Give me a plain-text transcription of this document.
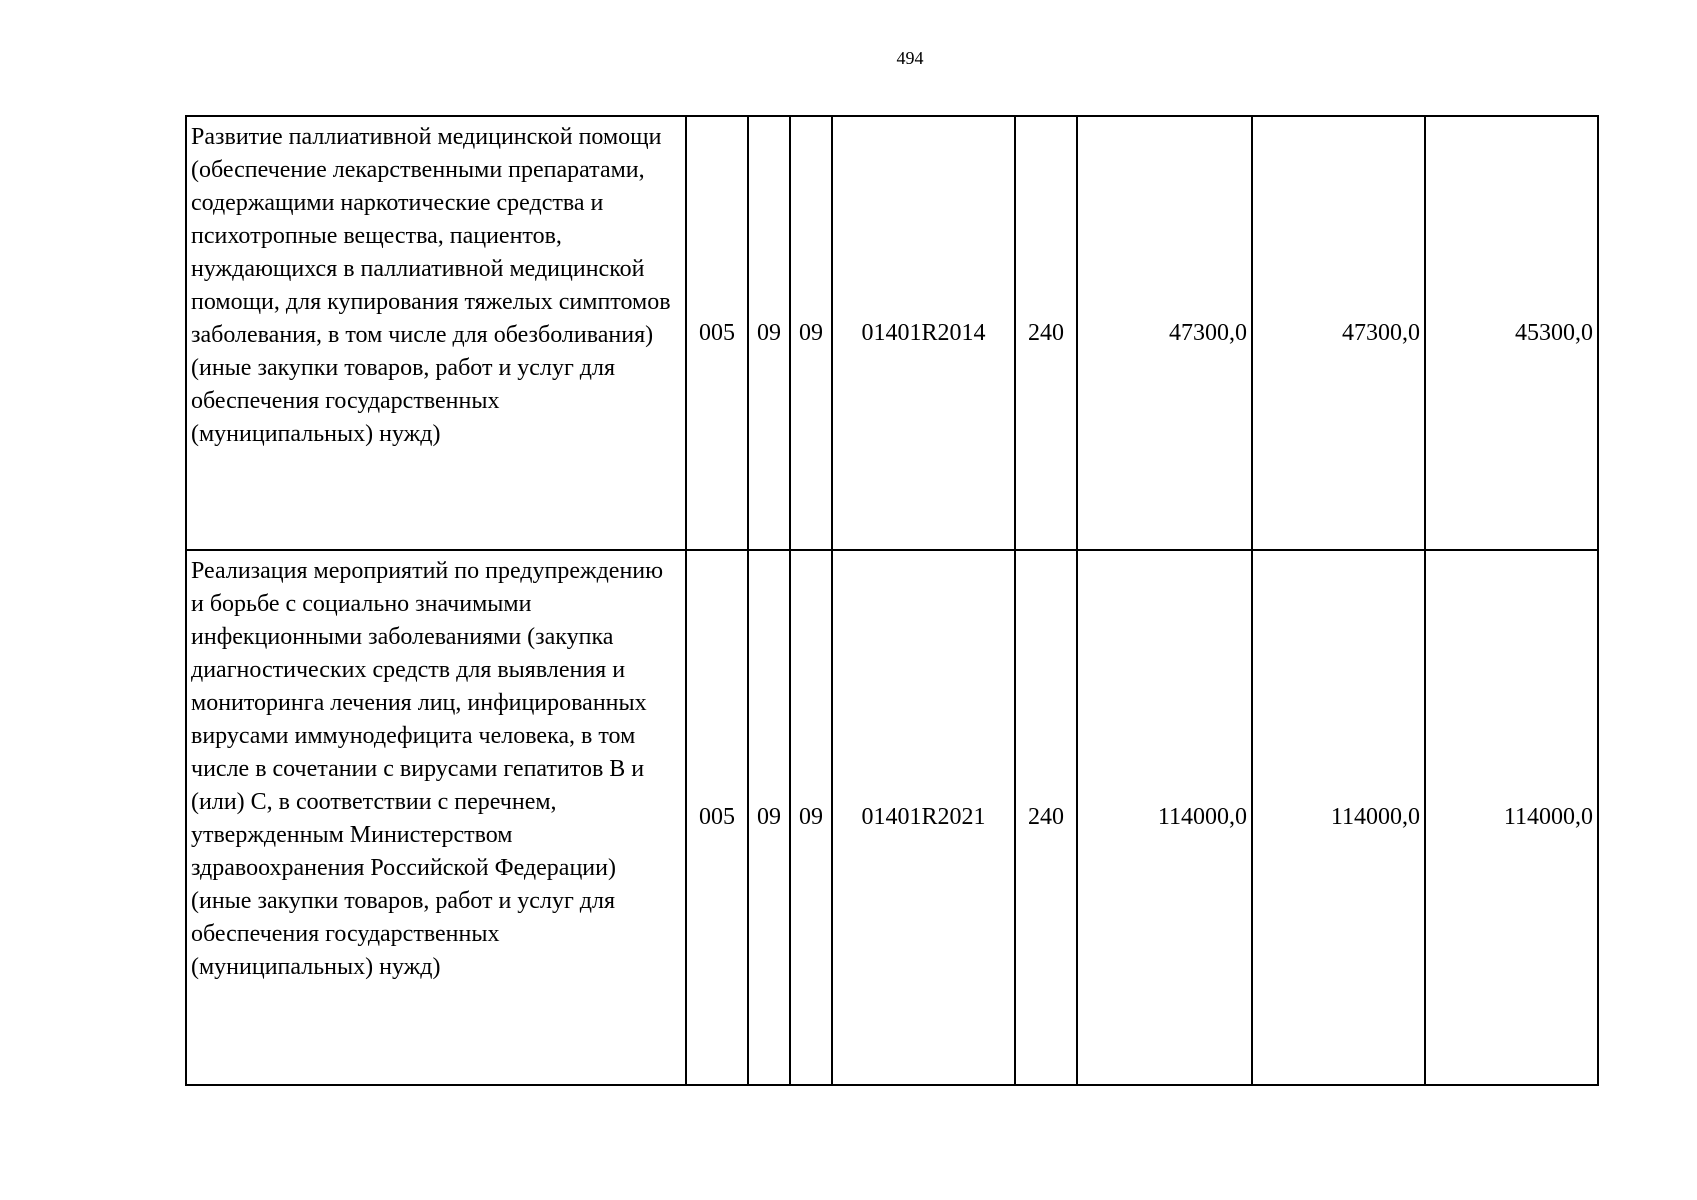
494
Развитие паллиативной медицинской помощи (обеспечение лекарственными препаратами, содержащими наркотические средства и психотропные вещества, пациентов, нуждающихся в паллиативной медицинской помощи, для купирования тяжелых симптомов заболевания, в том числе для обезболивания) (иные закупки товаров, работ и услуг для обеспечения государственных (муниципальных) нужд)	005	09	09	01401R2014	240	47300,0	47300,0	45300,0
Реализация мероприятий по предупреждению и борьбе с социально значимыми инфекционными заболеваниями (закупка диагностических средств для выявления и мониторинга лечения лиц, инфицированных вирусами иммунодефицита человека, в том числе в сочетании с вирусами гепатитов B и (или) C, в соответствии с перечнем, утвержденным Министерством здравоохранения Российской Федерации) (иные закупки товаров, работ и услуг для обеспечения государственных (муниципальных) нужд)	005	09	09	01401R2021	240	114000,0	114000,0	114000,0
